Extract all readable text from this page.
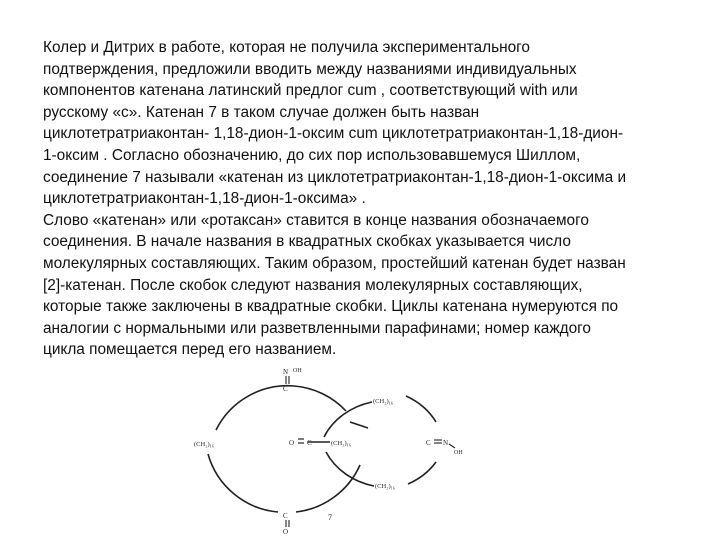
Колер и Дитрих в работе, которая не получила экспериментального
подтверждения, предложили вводить между названиями индивидуальных
компонентов катенана латинский предлог cum , соответствующий with или
русскому «с». Катенан 7 в таком случае должен быть назван
циклотетратриаконтан- 1,18-дион-1-оксим cum циклотетратриаконтан-1,18-дион-
1-оксим . Согласно обозначению, до сих пор использовавшемуся Шиллом,
соединение 7 называли «катенан из циклотетратриаконтан-1,18-дион-1-оксима и
циклотетратриаконтан-1,18-дион-1-оксима» .
Слово «катенан» или «ротаксан» ставится в конце названия обозначаемого
соединения. В начале названия в квадратных скобках указывается число
молекулярных составляющих. Таким образом, простейший катенан будет назван
[2]-катенан. После скобок следуют названия молекулярных составляющих,
которые также заключены в квадратные скобки. Циклы катенана нумеруются по
аналогии с нормальными или разветвленными парафинами; номер каждого
цикла помещается перед его названием.
N OH
C
(CH₂)₁₆	O C	(CH₂)₁₆
(CH₂)₁₆
(CH₂)₁₆
C N
OH
C
O
7
